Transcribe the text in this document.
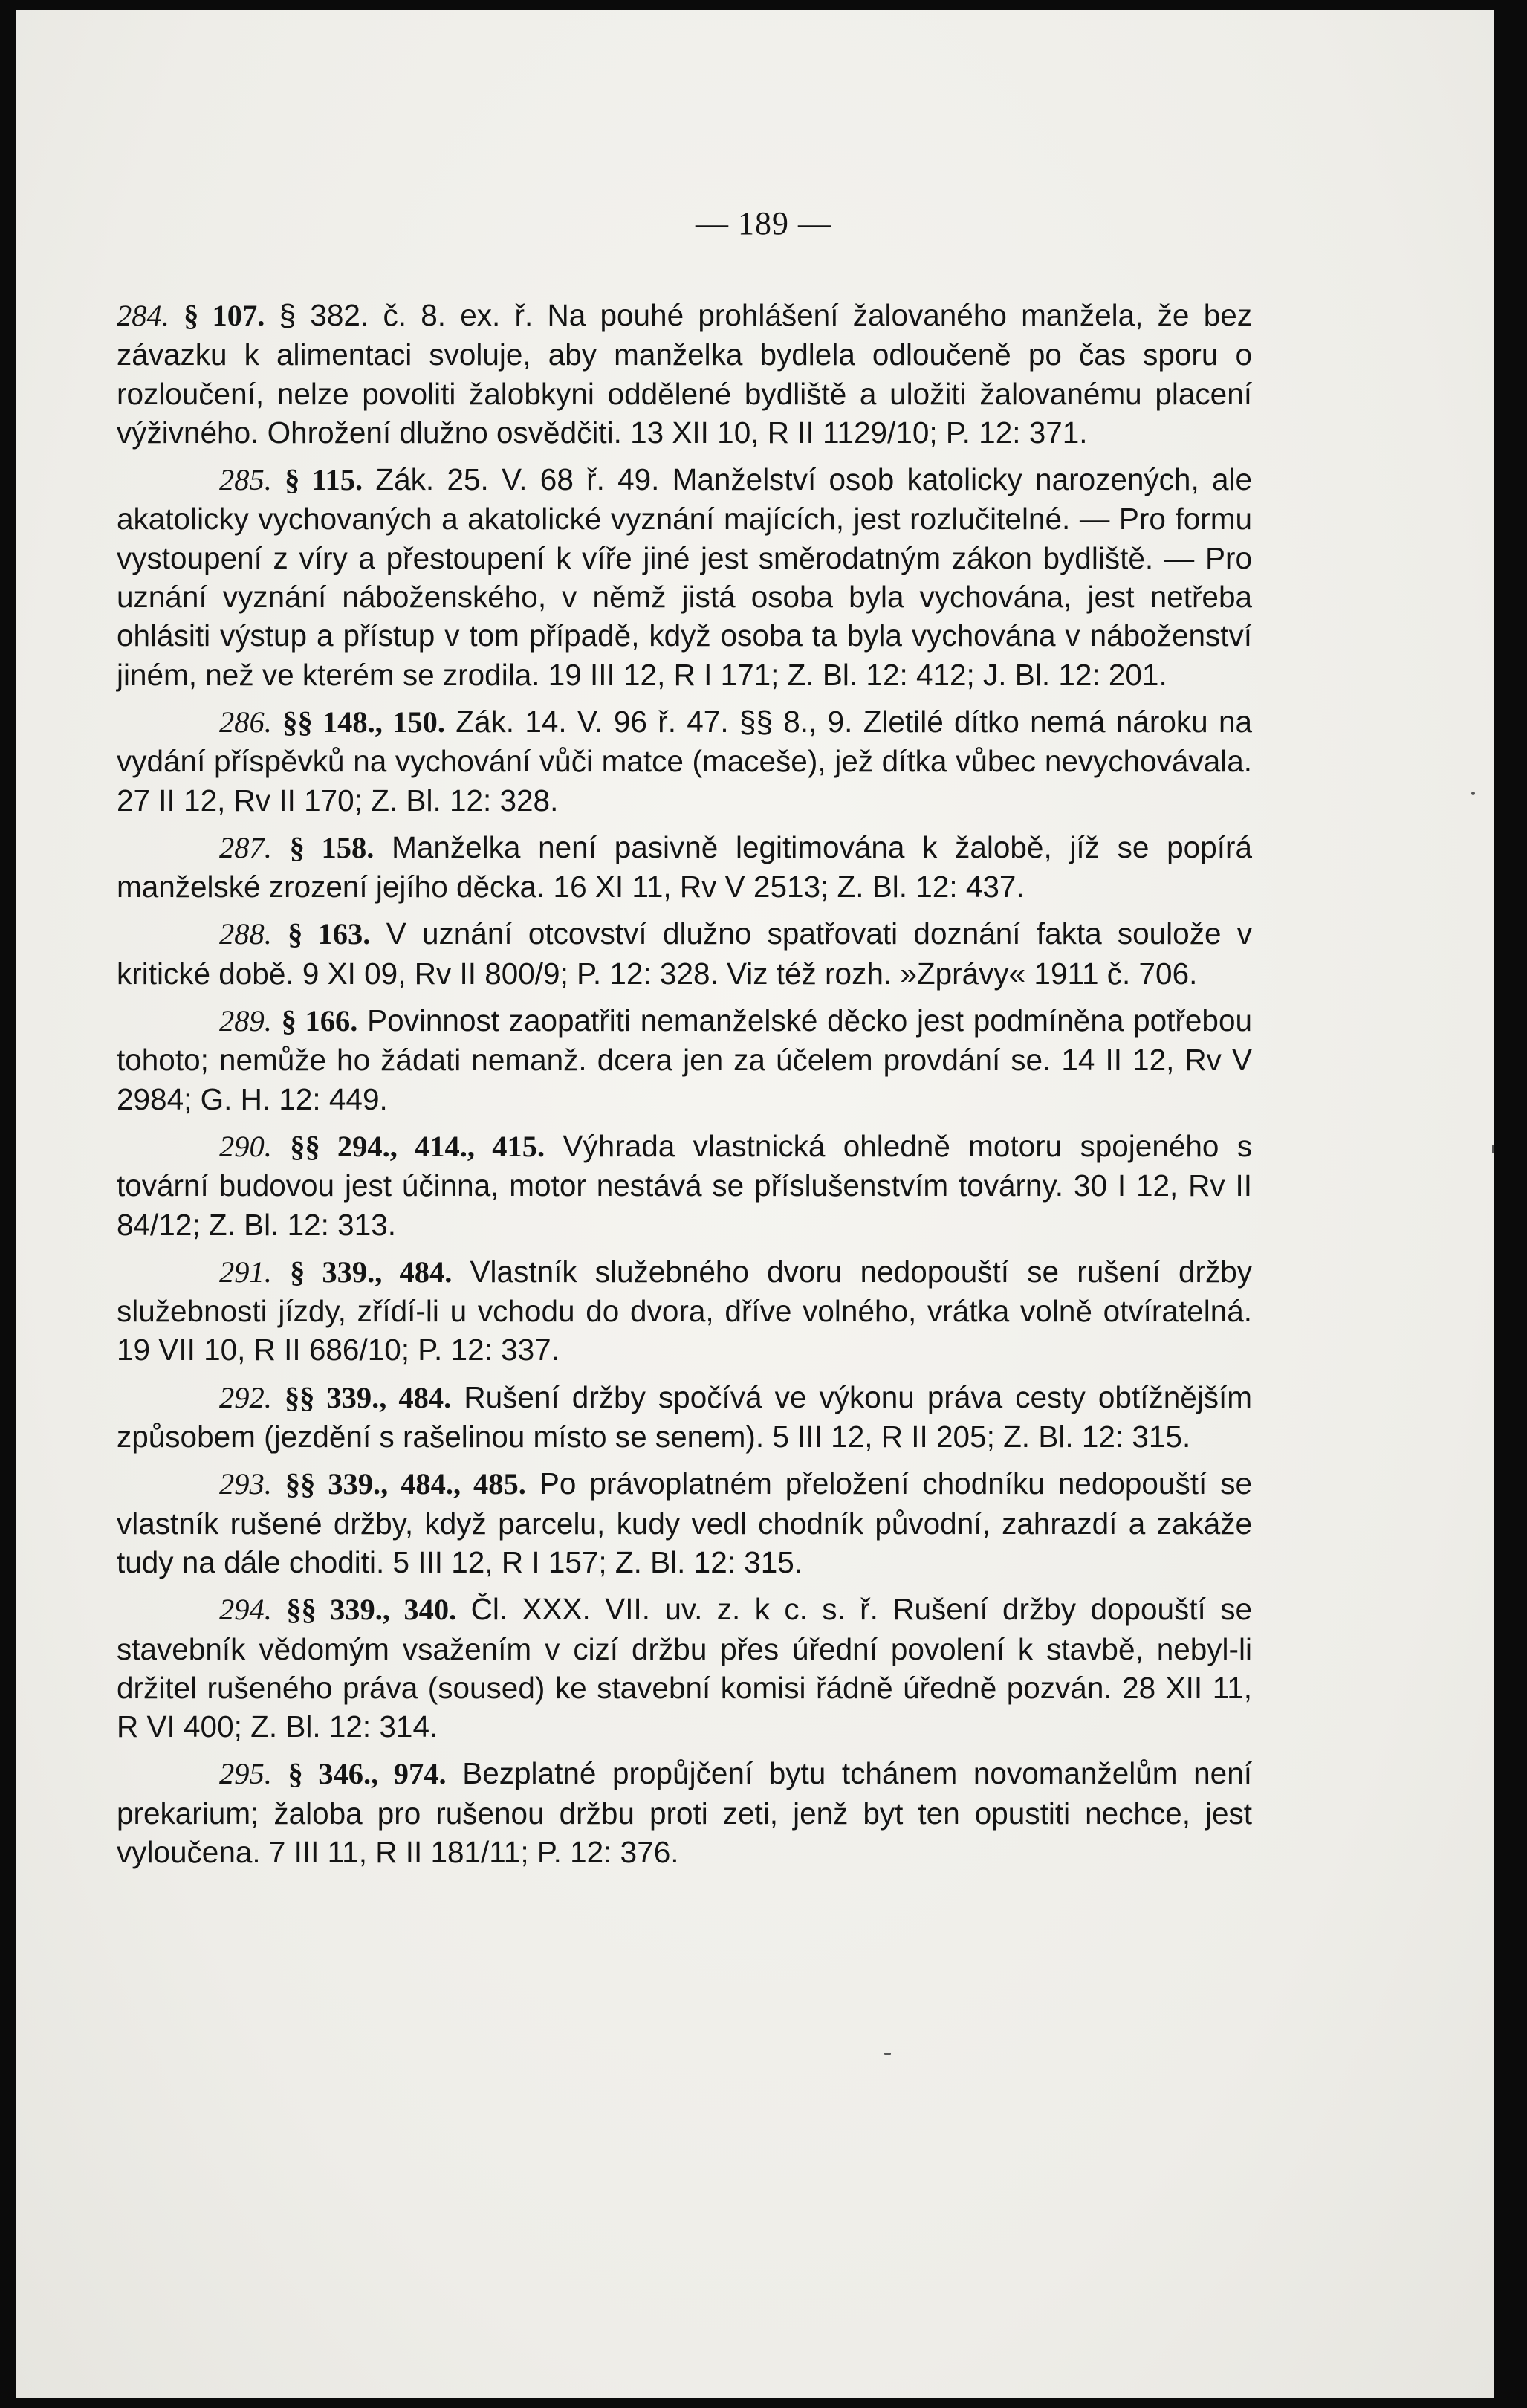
— 189 —

284. § 107. § 382. č. 8. ex. ř. Na pouhé prohlášení žalovaného manžela, že bez závazku k alimentaci svoluje, aby manželka bydlela odloučeně po čas sporu o rozloučení, nelze povoliti žalobkyni oddělené bydliště a uložiti žalovanému placení výživného. Ohrožení dlužno osvědčiti. 13 XII 10, R II 1129/10; P. 12: 371.

285. § 115. Zák. 25. V. 68 ř. 49. Manželství osob katolicky narozených, ale akatolicky vychovaných a akatolické vyznání majících, jest rozlučitelné. — Pro formu vystoupení z víry a přestoupení k víře jiné jest směrodatným zákon bydliště. — Pro uznání vyznání náboženského, v němž jistá osoba byla vychována, jest netřeba ohlásiti výstup a přístup v tom případě, když osoba ta byla vychována v náboženství jiném, než ve kterém se zrodila. 19 III 12, R I 171; Z. Bl. 12: 412; J. Bl. 12: 201.

286. §§ 148., 150. Zák. 14. V. 96 ř. 47. §§ 8., 9. Zletilé dítko nemá nároku na vydání příspěvků na vychování vůči matce (maceše), jež dítka vůbec nevychovávala. 27 II 12, Rv II 170; Z. Bl. 12: 328.

287. § 158. Manželka není pasivně legitimována k žalobě, jíž se popírá manželské zrození jejího děcka. 16 XI 11, Rv V 2513; Z. Bl. 12: 437.

288. § 163. V uznání otcovství dlužno spatřovati doznání fakta soulože v kritické době. 9 XI 09, Rv II 800/9; P. 12: 328. Viz též rozh. »Zprávy« 1911 č. 706.

289. § 166. Povinnost zaopatřiti nemanželské děcko jest podmíněna potřebou tohoto; nemůže ho žádati nemanž. dcera jen za účelem provdání se. 14 II 12, Rv V 2984; G. H. 12: 449.

290. §§ 294., 414., 415. Výhrada vlastnická ohledně motoru spojeného s tovární budovou jest účinna, motor nestává se příslušenstvím továrny. 30 I 12, Rv II 84/12; Z. Bl. 12: 313.

291. § 339., 484. Vlastník služebného dvoru nedopouští se rušení držby služebnosti jízdy, zřídí-li u vchodu do dvora, dříve volného, vrátka volně otvíratelná. 19 VII 10, R II 686/10; P. 12: 337.

292. §§ 339., 484. Rušení držby spočívá ve výkonu práva cesty obtížnějším způsobem (jezdění s rašelinou místo se senem). 5 III 12, R II 205; Z. Bl. 12: 315.

293. §§ 339., 484., 485. Po právoplatném přeložení chodníku nedopouští se vlastník rušené držby, když parcelu, kudy vedl chodník původní, zahrazdí a zakáže tudy na dále choditi. 5 III 12, R I 157; Z. Bl. 12: 315.

294. §§ 339., 340. Čl. XXX. VII. uv. z. k c. s. ř. Rušení držby dopouští se stavebník vědomým vsažením v cizí držbu přes úřední povolení k stavbě, nebyl-li držitel rušeného práva (soused) ke stavební komisi řádně úředně pozván. 28 XII 11, R VI 400; Z. Bl. 12: 314.

295. § 346., 974. Bezplatné propůjčení bytu tchánem novomanželům není prekarium; žaloba pro rušenou držbu proti zeti, jenž byt ten opustiti nechce, jest vyloučena. 7 III 11, R II 181/11; P. 12: 376.
